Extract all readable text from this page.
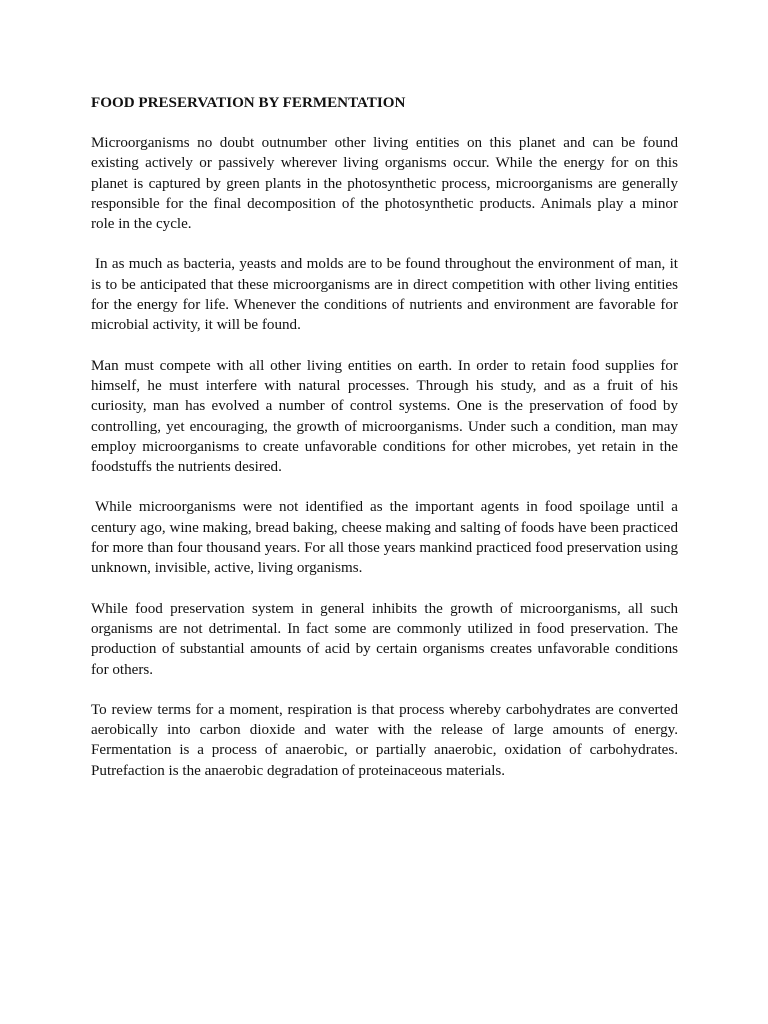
FOOD PRESERVATION BY FERMENTATION

Microorganisms no doubt outnumber other living entities on this planet and can be found existing actively or passively wherever living organisms occur. While the energy for on this planet is captured by green plants in the photosynthetic process, microorganisms are generally responsible for the final decomposition of the photosynthetic products. Animals play a minor role in the cycle.

In as much as bacteria, yeasts and molds are to be found throughout the environment of man, it is to be anticipated that these microorganisms are in direct competition with other living entities for the energy for life. Whenever the conditions of nutrients and environment are favorable for microbial activity, it will be found.

Man must compete with all other living entities on earth. In order to retain food supplies for himself, he must interfere with natural processes. Through his study, and as a fruit of his curiosity, man has evolved a number of control systems. One is the preservation of food by controlling, yet encouraging, the growth of microorganisms. Under such a condition, man may employ microorganisms to create unfavorable conditions for other microbes, yet retain in the foodstuffs the nutrients desired.

While microorganisms were not identified as the important agents in food spoilage until a century ago, wine making, bread baking, cheese making and salting of foods have been practiced for more than four thousand years. For all those years mankind practiced food preservation using unknown, invisible, active, living organisms.

While food preservation system in general inhibits the growth of microorganisms, all such organisms are not detrimental. In fact some are commonly utilized in food preservation. The production of substantial amounts of acid by certain organisms creates unfavorable conditions for others.

To review terms for a moment, respiration is that process whereby carbohydrates are converted aerobically into carbon dioxide and water with the release of large amounts of energy. Fermentation is a process of anaerobic, or partially anaerobic, oxidation of carbohydrates. Putrefaction is the anaerobic degradation of proteinaceous materials.
